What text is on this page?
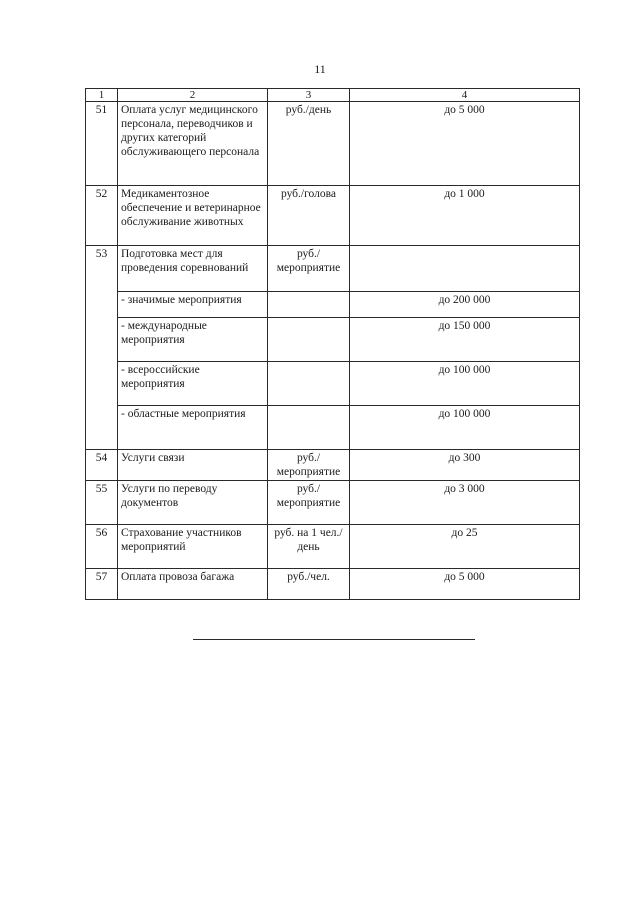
11
1	2	3	4
51	Оплата услуг медицинского персонала, переводчиков и других категорий обслуживающего персонала	руб./день	до 5 000
52	Медикаментозное обеспечение и ветеринарное обслуживание животных	руб./голова	до 1 000
53	Подготовка мест для проведения соревнований	руб./ мероприятие	
	- значимые мероприятия		до 200 000
	- международные мероприятия		до 150 000
	- всероссийские мероприятия		до 100 000
	- областные мероприятия		до 100 000
54	Услуги связи	руб./ мероприятие	до 300
55	Услуги по переводу документов	руб./ мероприятие	до 3 000
56	Страхование участников мероприятий	руб. на 1 чел./день	до 25
57	Оплата провоза багажа	руб./чел.	до 5 000
